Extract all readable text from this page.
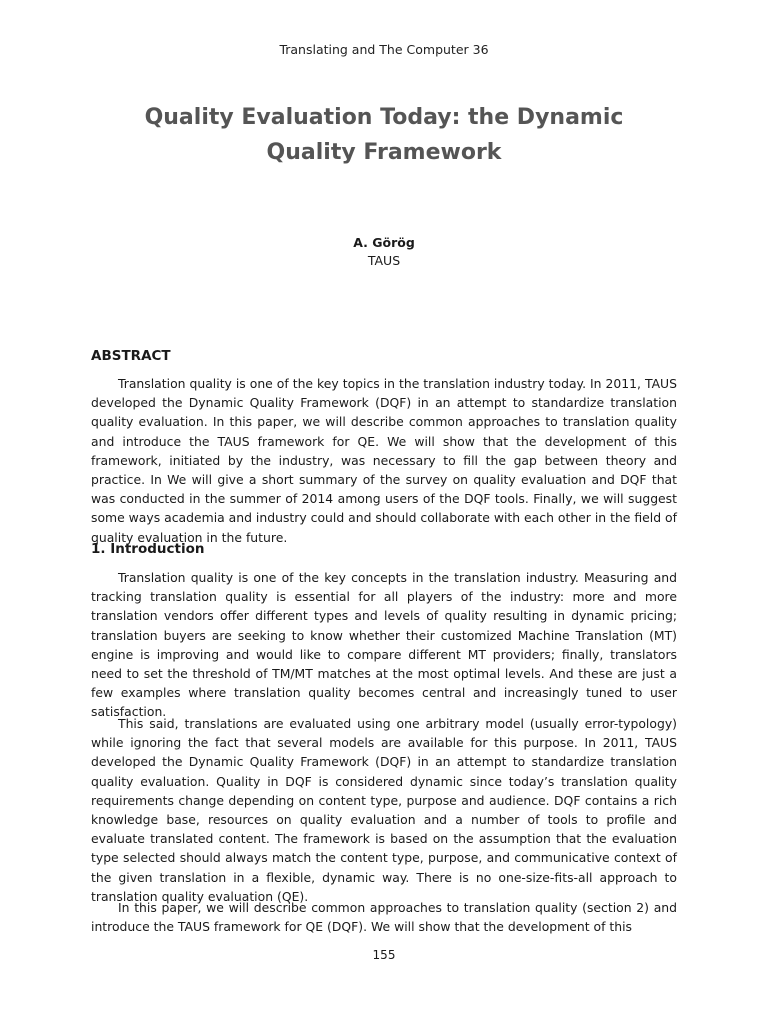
Translating and The Computer 36
Quality Evaluation Today: the Dynamic Quality Framework
A. Görög
TAUS
ABSTRACT

Translation quality is one of the key topics in the translation industry today. In 2011, TAUS developed the Dynamic Quality Framework (DQF) in an attempt to standardize translation quality evaluation. In this paper, we will describe common approaches to translation quality and introduce the TAUS framework for QE. We will show that the development of this framework, initiated by the industry, was necessary to fill the gap between theory and practice. In We will give a short summary of the survey on quality evaluation and DQF that was conducted in the summer of 2014 among users of the DQF tools. Finally, we will suggest some ways academia and industry could and should collaborate with each other in the field of quality evaluation in the future.

1. Introduction

Translation quality is one of the key concepts in the translation industry. Measuring and tracking translation quality is essential for all players of the industry: more and more translation vendors offer different types and levels of quality resulting in dynamic pricing; translation buyers are seeking to know whether their customized Machine Translation (MT) engine is improving and would like to compare different MT providers; finally, translators need to set the threshold of TM/MT matches at the most optimal levels. And these are just a few examples where translation quality becomes central and increasingly tuned to user satisfaction.

This said, translations are evaluated using one arbitrary model (usually error-typology) while ignoring the fact that several models are available for this purpose. In 2011, TAUS developed the Dynamic Quality Framework (DQF) in an attempt to standardize translation quality evaluation. Quality in DQF is considered dynamic since today’s translation quality requirements change depending on content type, purpose and audience. DQF contains a rich knowledge base, resources on quality evaluation and a number of tools to profile and evaluate translated content. The framework is based on the assumption that the evaluation type selected should always match the content type, purpose, and communicative context of the given translation in a flexible, dynamic way. There is no one-size-fits-all approach to translation quality evaluation (QE).

In this paper, we will describe common approaches to translation quality (section 2) and introduce the TAUS framework for QE (DQF). We will show that the development of this

155
